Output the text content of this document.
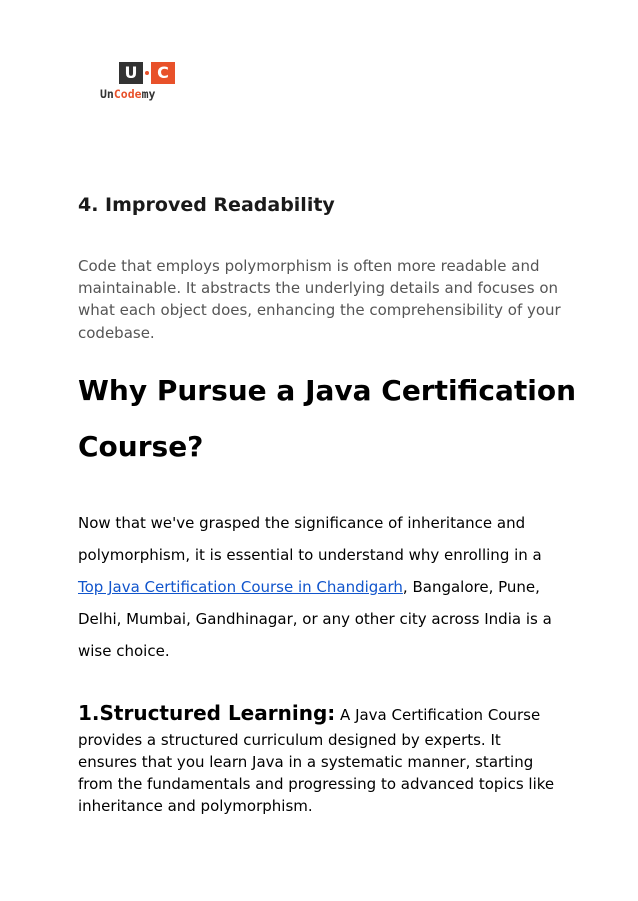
U	C
UnCodemy
4. Improved Readability

Code that employs polymorphism is often more readable and
maintainable. It abstracts the underlying details and focuses on
what each object does, enhancing the comprehensibility of your
codebase.

Why Pursue a Java Certification
Course?

Now that we've grasped the significance of inheritance and
polymorphism, it is essential to understand why enrolling in a
Top Java Certification Course in Chandigarh, Bangalore, Pune,
Delhi, Mumbai, Gandhinagar, or any other city across India is a
wise choice.

1.Structured Learning: A Java Certification Course
provides a structured curriculum designed by experts. It
ensures that you learn Java in a systematic manner, starting
from the fundamentals and progressing to advanced topics like
inheritance and polymorphism.
